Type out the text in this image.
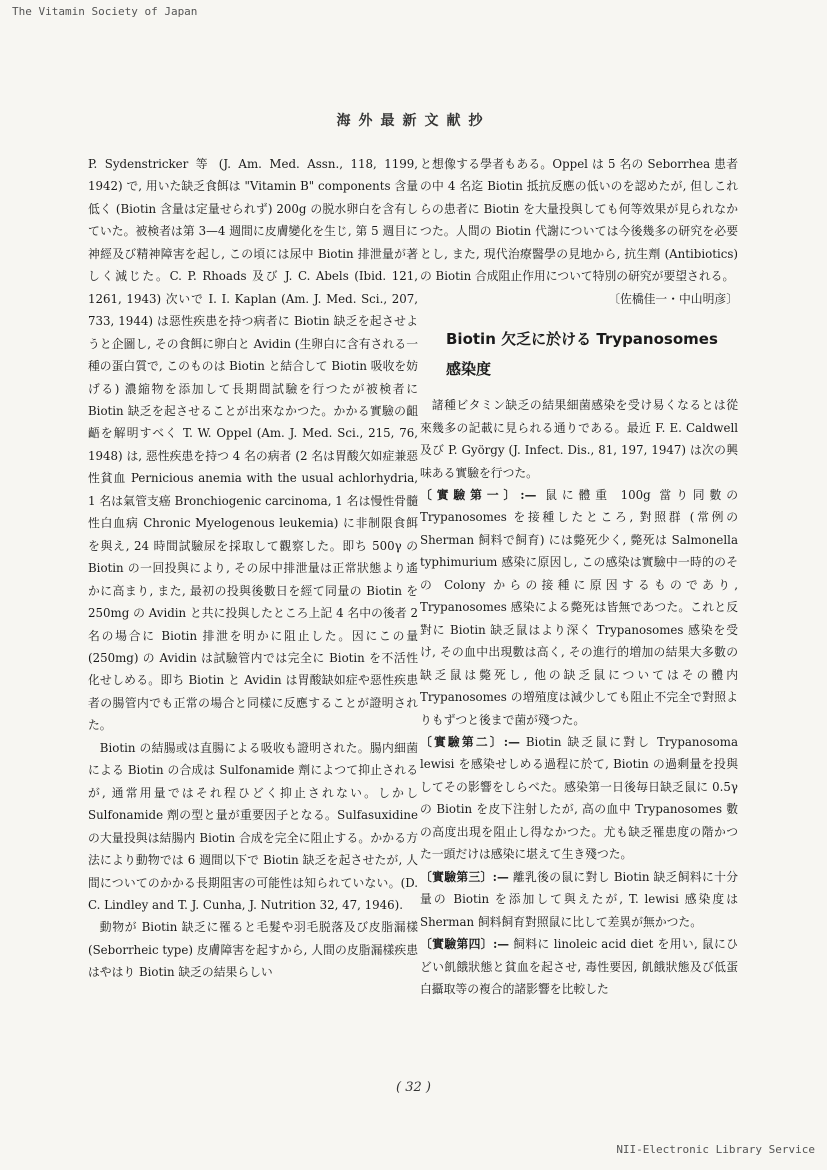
The Vitamin Society of Japan
海外最新文献抄

P. Sydenstricker 等 (J. Am. Med. Assn., 118, 1199, 1942) で, 用いた缺乏食餌は "Vitamin B" components 含量低く (Biotin 含量は定量せられず) 200g の脱水卵白を含有していた。被検者は第 3—4 週間に皮膚變化を生じ, 第 5 週目に神經及び精神障害を起し, この頃には尿中 Biotin 排泄量が著しく減じた。C. P. Rhoads 及び J. C. Abels (Ibid. 121, 1261, 1943) 次いで I. I. Kaplan (Am. J. Med. Sci., 207, 733, 1944) は惡性疾患を持つ病者に Biotin 缺乏を起させようと企圖し, その食餌に卵白と Avidin (生卵白に含有される一種の蛋白質で, このものは Biotin と結合して Biotin 吸收を妨げる) 濃縮物を添加して長期間試驗を行つたが被検者に Biotin 缺乏を起させることが出來なかつた。かかる實驗の齟齬を解明すべく T. W. Oppel (Am. J. Med. Sci., 215, 76, 1948) は, 惡性疾患を持つ 4 名の病者 (2 名は胃酸欠如症兼惡性貧血 Pernicious anemia with the usual achlorhydria, 1 名は氣管支癌 Bronchiogenic carcinoma, 1 名は慢性骨髓性白血病 Chronic Myelogenous leukemia) に非制限食餌を與え, 24 時間試驗尿を採取して觀察した。即ち 500γ の Biotin の一回投與により, その尿中排泄量は正常狀態より遙かに高まり, また, 最初の投與後數日を經て同量の Biotin を 250mg の Avidin と共に投與したところ上記 4 名中の後者 2 名の場合に Biotin 排泄を明かに阻止した。因にこの量 (250mg) の Avidin は試驗管内では完全に Biotin を不活性化せしめる。即ち Biotin と Avidin は胃酸缺如症や惡性疾患者の腸管内でも正常の場合と同樣に反應することが證明された。

Biotin の結腸或は直腸による吸收も證明された。腸内細菌による Biotin の合成は Sulfonamide 劑によつて抑止されるが, 通常用量ではそれ程ひどく抑止されない。しかし Sulfonamide 劑の型と量が重要因子となる。Sulfasuxidine の大量投與は結腸内 Biotin 合成を完全に阻止する。かかる方法により動物では 6 週間以下で Biotin 缺乏を起させたが, 人間についてのかかる長期阻害の可能性は知られていない。(D. C. Lindley and T. J. Cunha, J. Nutrition 32, 47, 1946).

動物が Biotin 缺乏に罹ると毛髮や羽毛脱落及び皮脂漏樣 (Seborrheic type) 皮膚障害を起すから, 人間の皮脂漏樣疾患はやはり Biotin 缺乏の結果らしい

と想像する學者もある。Oppel は 5 名の Seborrhea 患者の中 4 名迄 Biotin 抵抗反應の低いのを認めたが, 但しこれらの患者に Biotin を大量投與しても何等效果が見られなかつた。人間の Biotin 代謝については今後幾多の研究を必要とし, また, 現代治療醫學の見地から, 抗生劑 (Antibiotics) の Biotin 合成阻止作用について特別の研究が要望される。

〔佐橋佳一・中山明彦〕

Biotin 欠乏に於ける Trypanosomes
感染度

諸種ビタミン缺乏の結果細菌感染を受け易くなるとは從來幾多の記載に見られる通りである。最近 F. E. Caldwell 及び P. György (J. Infect. Dis., 81, 197, 1947) は次の興味ある實驗を行つた。

〔實驗第一〕:— 鼠に體重 100g 當り同數の Trypanosomes を接種したところ, 對照群 (常例の Sherman 飼料で飼育) には斃死少く, 斃死は Salmonella typhimurium 感染に原因し, この感染は實驗中一時的のその Colony からの接種に原因するものであり, Trypanosomes 感染による斃死は皆無であつた。これと反對に Biotin 缺乏鼠はより深く Trypanosomes 感染を受け, その血中出現數は高く, その進行的増加の結果大多數の缺乏鼠は斃死し, 他の缺乏鼠についてはその體内 Trypanosomes の増殖度は減少しても阻止不完全で對照よりもずつと後まで菌が殘つた。

〔實驗第二〕:— Biotin 缺乏鼠に對し Trypanosoma lewisi を感染せしめる過程に於て, Biotin の過剩量を投與してその影響をしらべた。感染第一日後毎日缺乏鼠に 0.5γ の Biotin を皮下注射したが, 高の血中 Trypanosomes 數の高度出現を阻止し得なかつた。尤も缺乏罹患度の階かつた一頭だけは感染に堪えて生き殘つた。

〔實驗第三〕:— 離乳後の鼠に對し Biotin 缺乏飼料に十分量の Biotin を添加して與えたが, T. lewisi 感染度は Sherman 飼料飼育對照鼠に比して差異が無かつた。

〔實驗第四〕:— 飼料に linoleic acid diet を用い, 鼠にひどい飢餓狀態と貧血を起させ, 毒性要因, 飢餓狀態及び低蛋白攝取等の複合的諸影響を比較した

( 32 )
NII-Electronic Library Service
